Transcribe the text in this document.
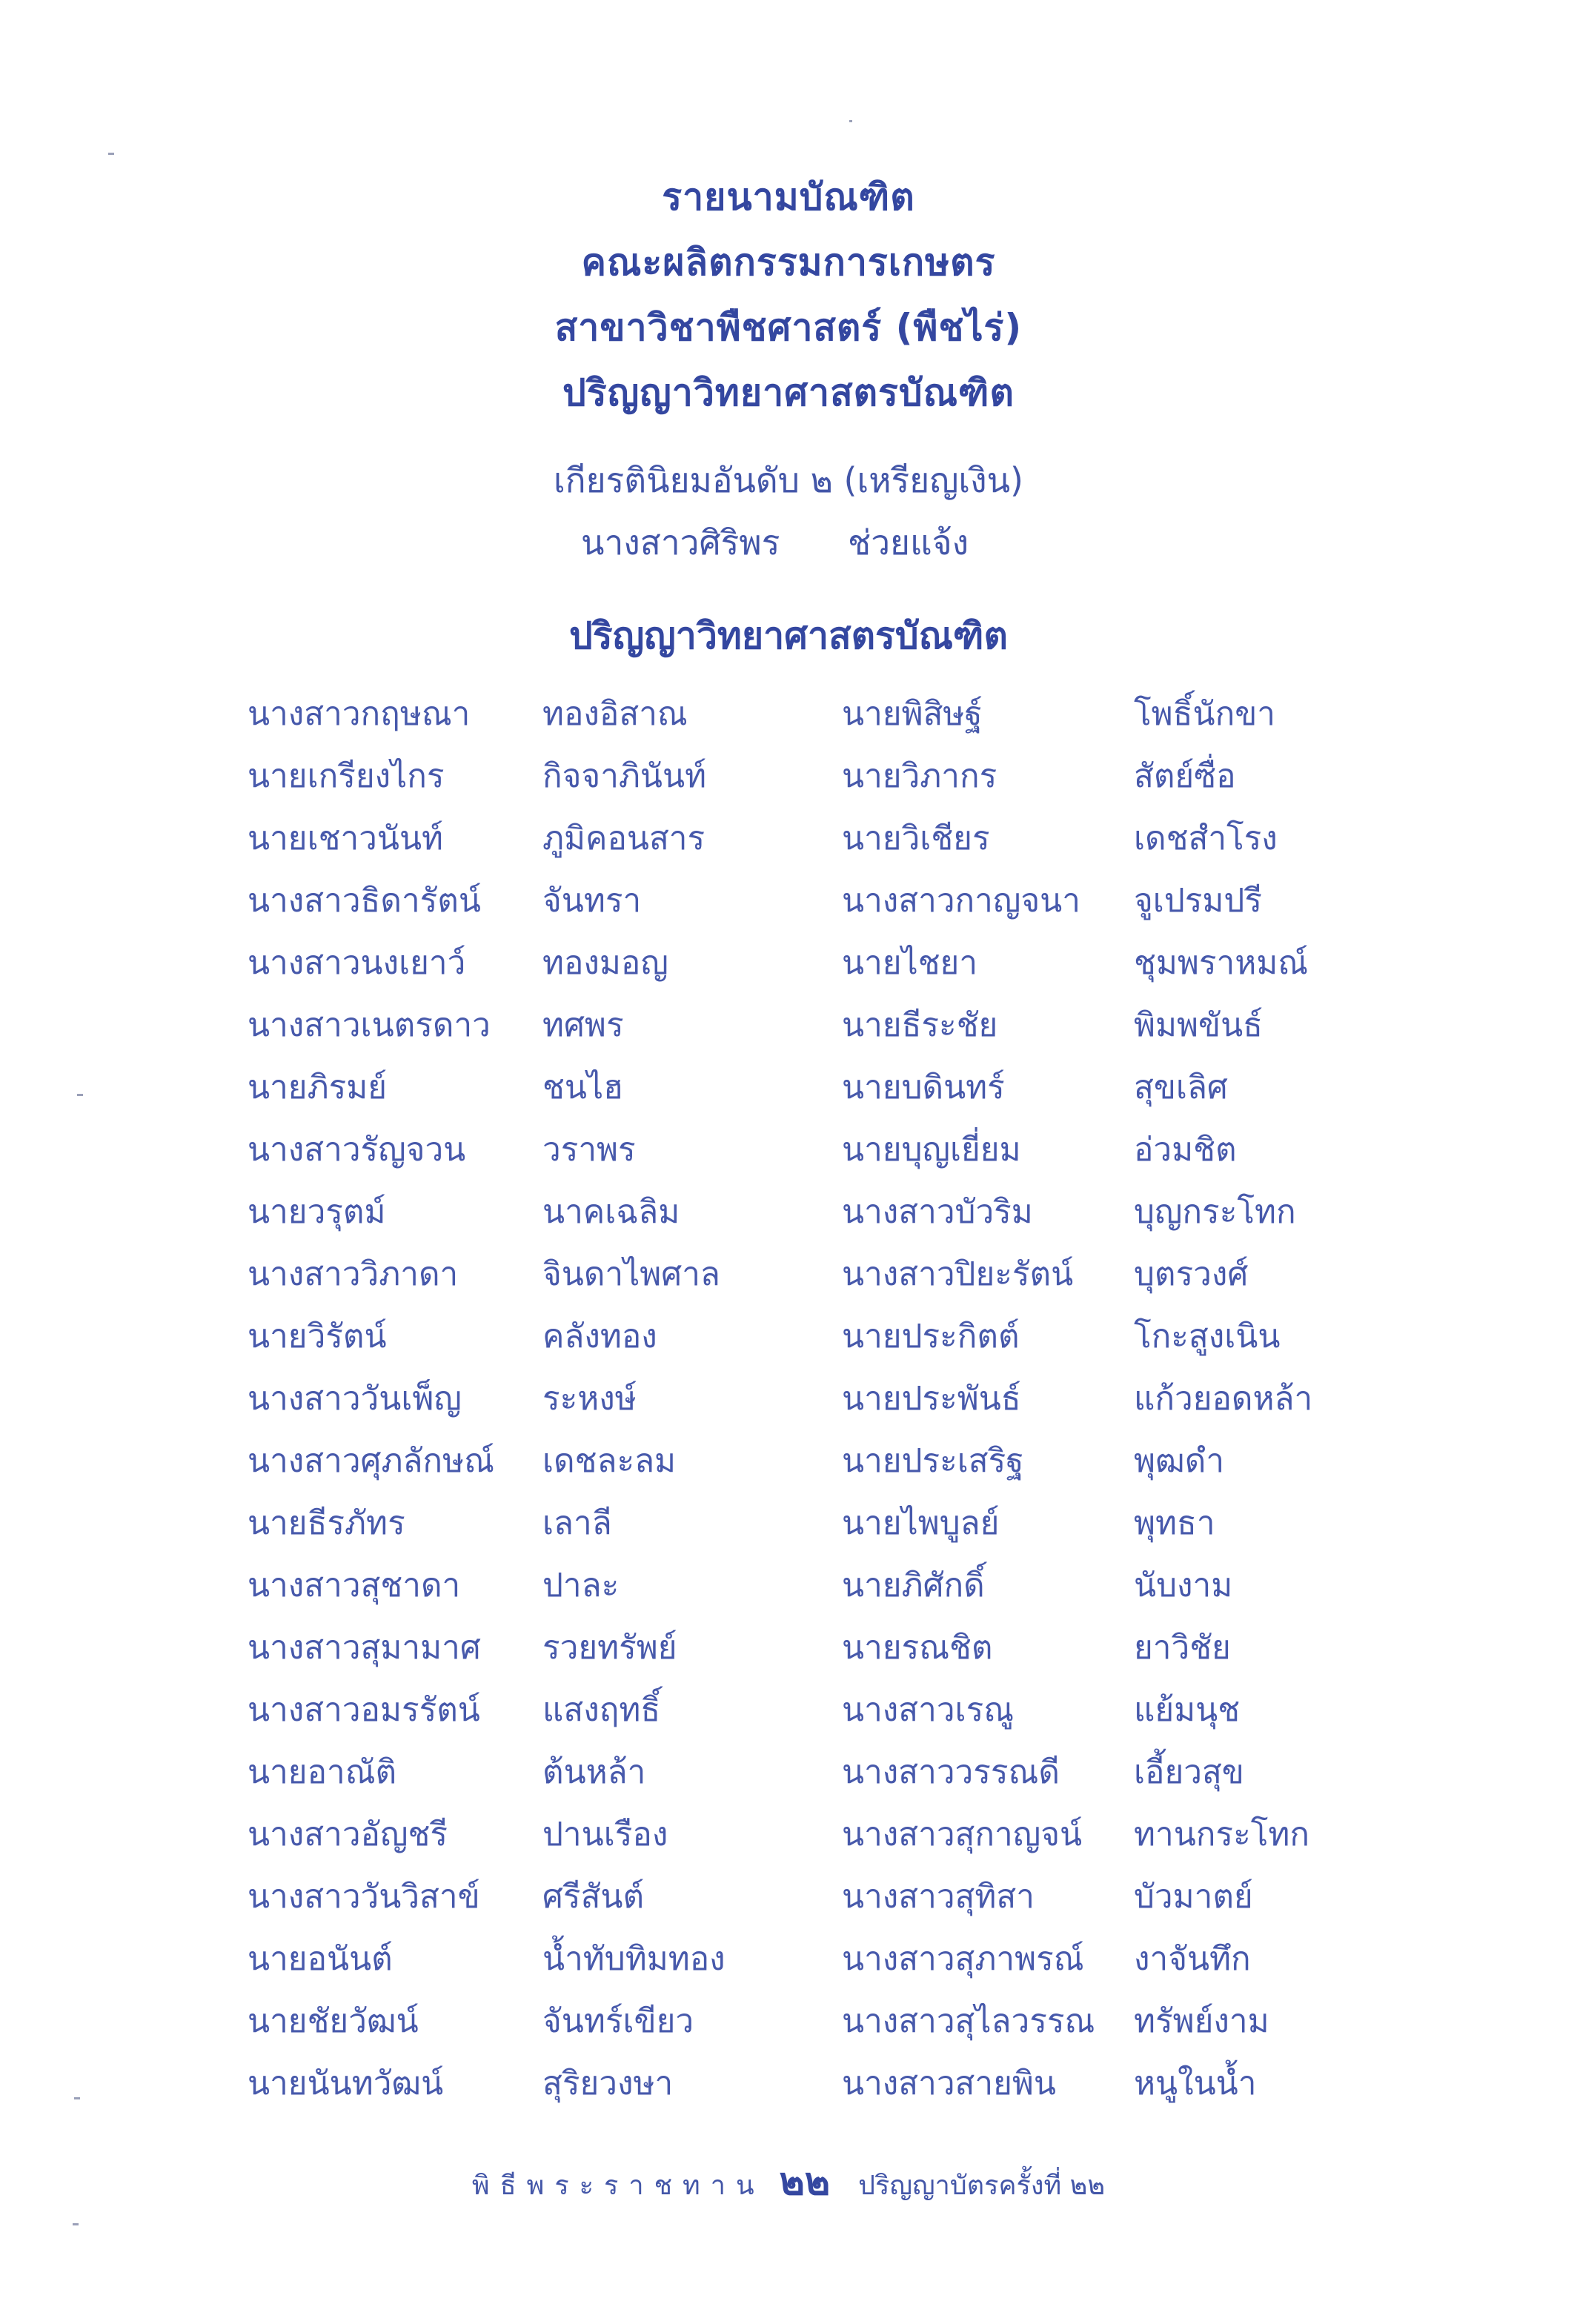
รายนามบัณฑิต
คณะผลิตกรรมการเกษตร
สาขาวิชาพืชศาสตร์ (พืชไร่)
ปริญญาวิทยาศาสตรบัณฑิต
เกียรตินิยมอันดับ ๒ (เหรียญเงิน)
นางสาวศิริพร ช่วยแจ้ง
ปริญญาวิทยาศาสตรบัณฑิต
นางสาวกฤษณา ทองอิสาณ	นายพิสิษฐ์	โพธิ์นักขา
นายเกรียงไกร	กิจจาภินันท์	นายวิภากร	สัตย์ซื่อ
นายเชาวนันท์	ภูมิคอนสาร	นายวิเชียร	เดชสำโรง
นางสาวธิดารัตน์ จันทรา	นางสาวกาญจนา จูเปรมปรี
นางสาวนงเยาว์ ทองมอญ	นายไชยา	ชุมพราหมณ์
นางสาวเนตรดาว ทศพร	นายธีระชัย	พิมพขันธ์
นายภิรมย์	ชนไฮ	นายบดินทร์	สุขเลิศ
นางสาวรัญจวน วราพร	นายบุญเยี่ยม	อ่วมชิต
นายวรุตม์	นาคเฉลิม	นางสาวบัวริม	บุญกระโทก
นางสาววิภาดา	จินดาไพศาล	นางสาวปิยะรัตน์ บุตรวงศ์
นายวิรัตน์	คลังทอง	นายประกิตต์	โกะสูงเนิน
นางสาววันเพ็ญ ระหงษ์	นายประพันธ์	แก้วยอดหล้า
นางสาวศุภลักษณ์ เดชละลม	นายประเสริฐ	พุฒดำ
นายธีรภัทร	เลาลี	นายไพบูลย์	พุทธา
นางสาวสุชาดา	ปาละ	นายภิศักดิ์	นับงาม
นางสาวสุมามาศ รวยทรัพย์	นายรณชิต	ยาวิชัย
นางสาวอมรรัตน์ แสงฤทธิ์	นางสาวเรณู	แย้มนุช
นายอาณัติ	ต้นหล้า	นางสาววรรณดี เอี้ยวสุข
นางสาวอัญชรี	ปานเรือง	นางสาวสุกาญจน์ ทานกระโทก
นางสาววันวิสาข์ ศรีสันต์	นางสาวสุทิสา	บัวมาตย์
นายอนันต์	น้ำทับทิมทอง	นางสาวสุภาพรณ์ งาจันทึก
นายชัยวัฒน์	จันทร์เขียว	นางสาวสุไลวรรณ ทรัพย์งาม
นายนันทวัฒน์	สุริยวงษา	นางสาวสายพิน หนูในน้ำ
พิธีพระราชทาน ๒๒ ปริญญาบัตรครั้งที่ ๒๒
